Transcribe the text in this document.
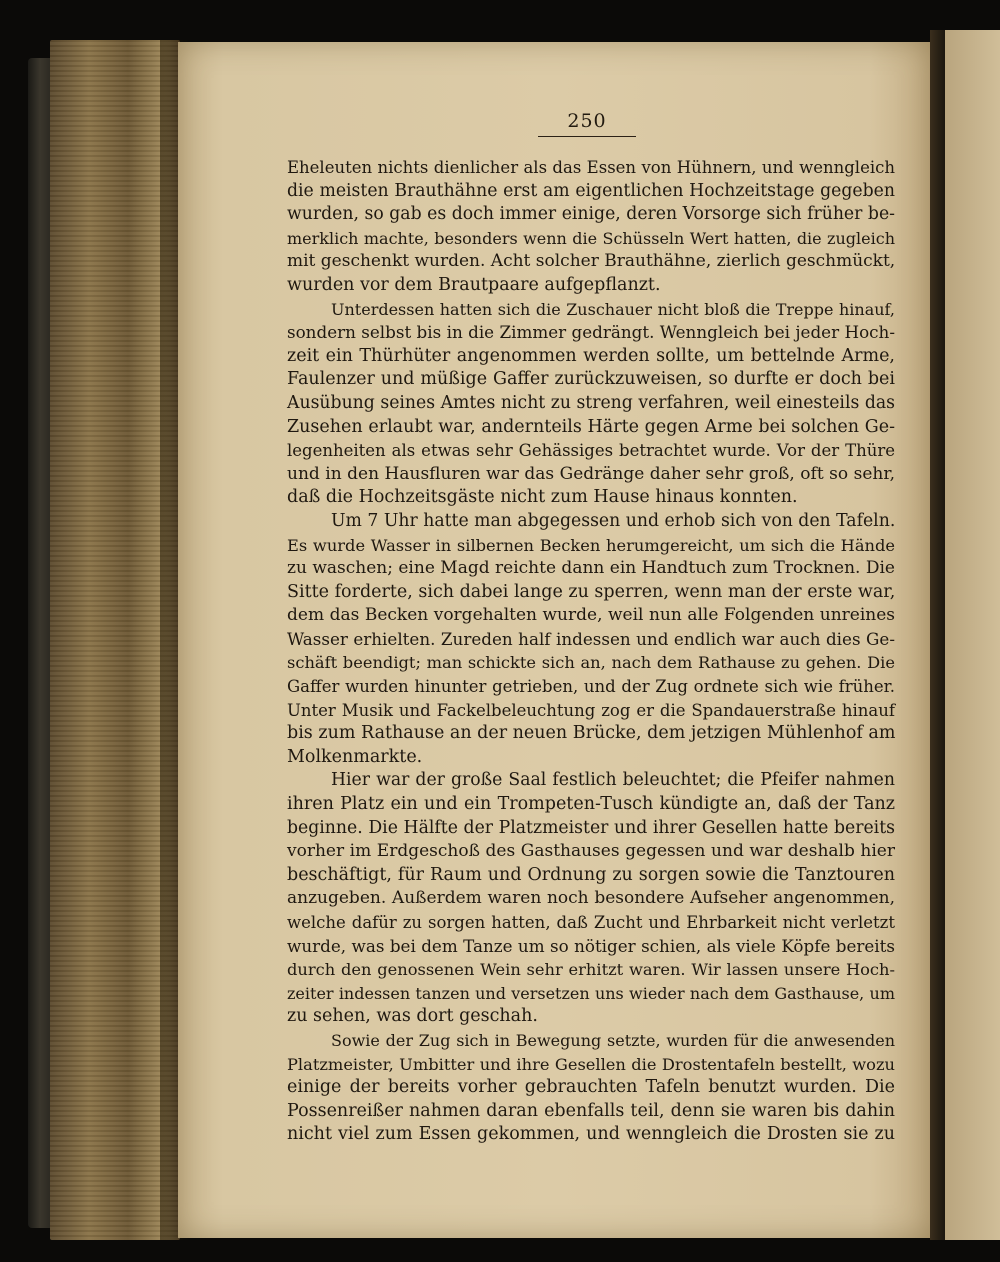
250
Eheleuten nichts dienlicher als das Essen von Hühnern, und wenngleich
die meisten Brauthähne erst am eigentlichen Hochzeitstage gegeben
wurden, so gab es doch immer einige, deren Vorsorge sich früher be-
merklich machte, besonders wenn die Schüsseln Wert hatten, die zugleich
mit geschenkt wurden. Acht solcher Brauthähne, zierlich geschmückt,
wurden vor dem Brautpaare aufgepflanzt.
Unterdessen hatten sich die Zuschauer nicht bloß die Treppe hinauf,
sondern selbst bis in die Zimmer gedrängt. Wenngleich bei jeder Hoch-
zeit ein Thürhüter angenommen werden sollte, um bettelnde Arme,
Faulenzer und müßige Gaffer zurückzuweisen, so durfte er doch bei
Ausübung seines Amtes nicht zu streng verfahren, weil einesteils das
Zusehen erlaubt war, andernteils Härte gegen Arme bei solchen Ge-
legenheiten als etwas sehr Gehässiges betrachtet wurde. Vor der Thüre
und in den Hausfluren war das Gedränge daher sehr groß, oft so sehr,
daß die Hochzeitsgäste nicht zum Hause hinaus konnten.
Um 7 Uhr hatte man abgegessen und erhob sich von den Tafeln.
Es wurde Wasser in silbernen Becken herumgereicht, um sich die Hände
zu waschen; eine Magd reichte dann ein Handtuch zum Trocknen. Die
Sitte forderte, sich dabei lange zu sperren, wenn man der erste war,
dem das Becken vorgehalten wurde, weil nun alle Folgenden unreines
Wasser erhielten. Zureden half indessen und endlich war auch dies Ge-
schäft beendigt; man schickte sich an, nach dem Rathause zu gehen. Die
Gaffer wurden hinunter getrieben, und der Zug ordnete sich wie früher.
Unter Musik und Fackelbeleuchtung zog er die Spandauerstraße hinauf
bis zum Rathause an der neuen Brücke, dem jetzigen Mühlenhof am
Molkenmarkte.
Hier war der große Saal festlich beleuchtet; die Pfeifer nahmen
ihren Platz ein und ein Trompeten-Tusch kündigte an, daß der Tanz
beginne. Die Hälfte der Platzmeister und ihrer Gesellen hatte bereits
vorher im Erdgeschoß des Gasthauses gegessen und war deshalb hier
beschäftigt, für Raum und Ordnung zu sorgen sowie die Tanztouren
anzugeben. Außerdem waren noch besondere Aufseher angenommen,
welche dafür zu sorgen hatten, daß Zucht und Ehrbarkeit nicht verletzt
wurde, was bei dem Tanze um so nötiger schien, als viele Köpfe bereits
durch den genossenen Wein sehr erhitzt waren. Wir lassen unsere Hoch-
zeiter indessen tanzen und versetzen uns wieder nach dem Gasthause, um
zu sehen, was dort geschah.
Sowie der Zug sich in Bewegung setzte, wurden für die anwesenden
Platzmeister, Umbitter und ihre Gesellen die Drostentafeln bestellt, wozu
einige der bereits vorher gebrauchten Tafeln benutzt wurden. Die
Possenreißer nahmen daran ebenfalls teil, denn sie waren bis dahin
nicht viel zum Essen gekommen, und wenngleich die Drosten sie zu
